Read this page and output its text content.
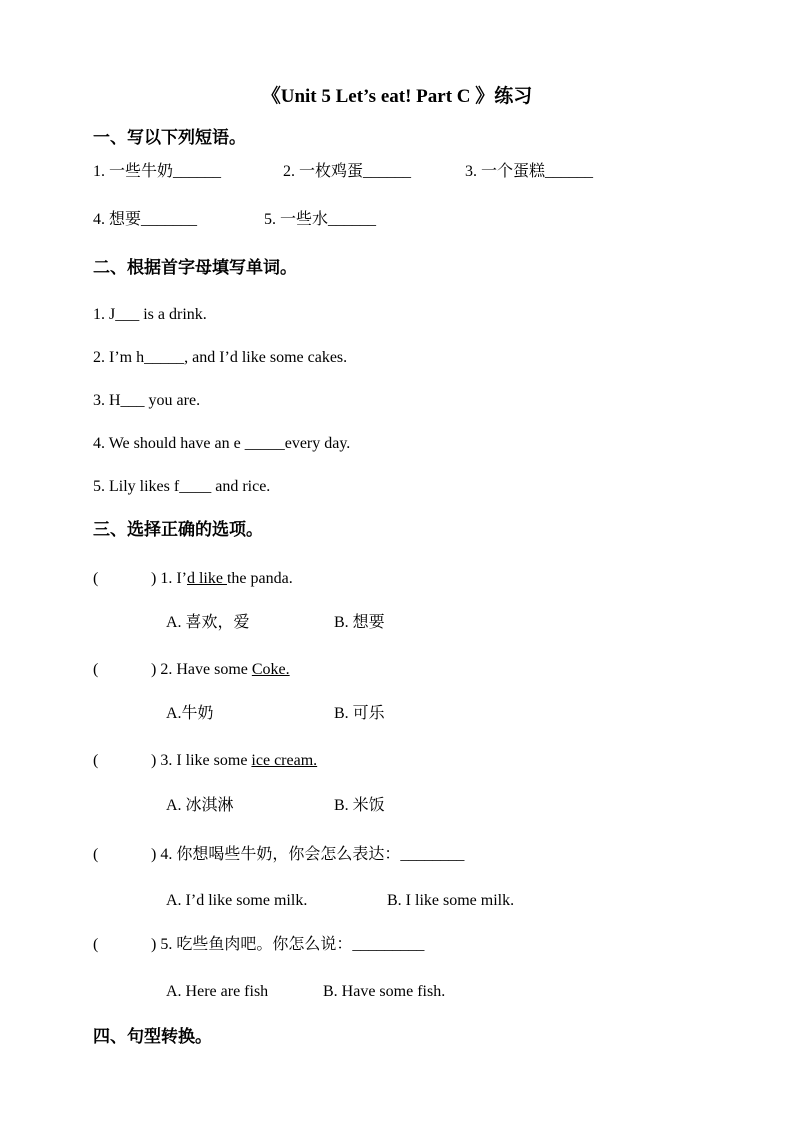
《Unit 5 Let’s eat! Part C 》练习
一、写以下列短语。
1. 一些牛奶______	2. 一枚鸡蛋______	3. 一个蛋糕______
4. 想要_______	5. 一些水______
二、根据首字母填写单词。
1. J___ is a drink.
2. I’m h_____, and I’d like some cakes.
3. H___ you are.
4. We should have an e _____every day.
5. Lily likes f____ and rice.
三、选择正确的选项。
(	) 1. I’d like the panda.
A. 喜欢，爱	B. 想要
(	) 2. Have some Coke.
A.牛奶	B. 可乐
(	) 3. I like some ice cream.
A. 冰淇淋	B. 米饭
(	) 4. 你想喝些牛奶，你会怎么表达：________
A. I’d like some milk.	B. I like some milk.
(	) 5. 吃些鱼肉吧。你怎么说：_________
A. Here are fish	B. Have some fish.
四、句型转换。
